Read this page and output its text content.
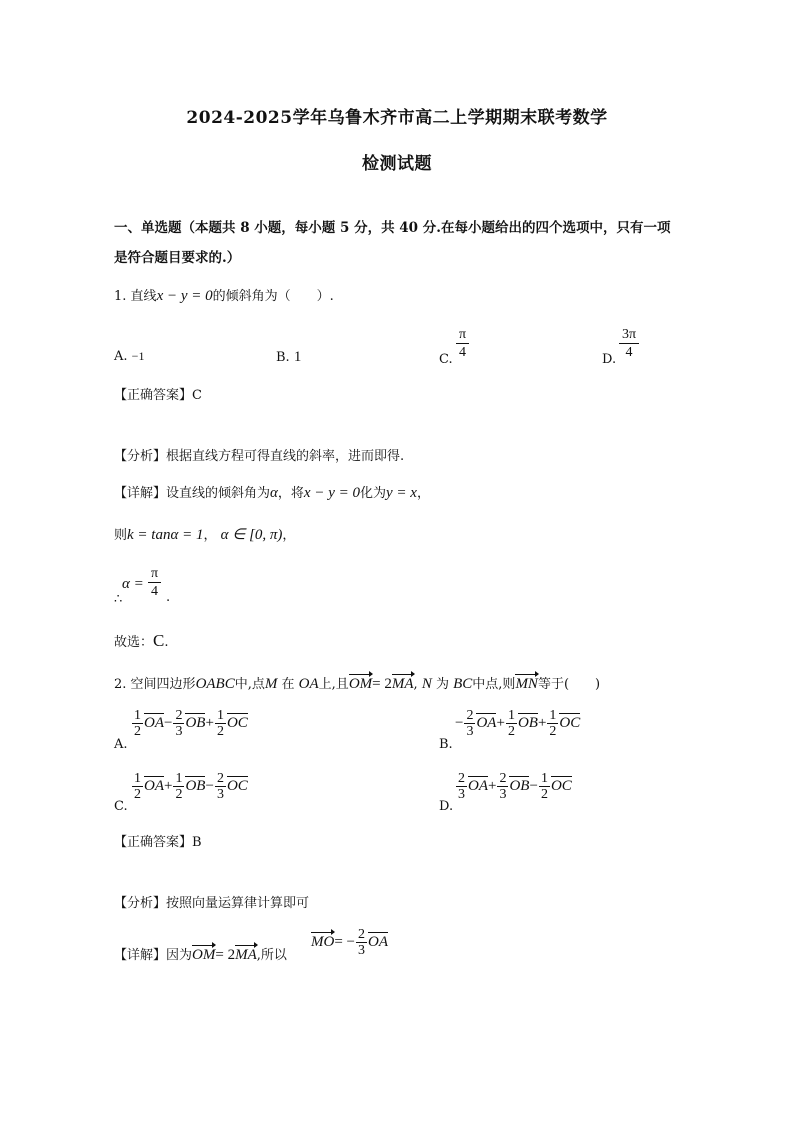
2024-2025学年乌鲁木齐市高二上学期期末联考数学
检测试题
一、单选题（本题共 8 小题，每小题 5 分，共 40 分.在每小题给出的四个选项中，只有一项
是符合题目要求的.）
1. 直线x − y = 0的倾斜角为（　　）.
A. −1	B. 1	C. $\frac{\pi}{4}$	D. $\frac{3\pi}{4}$
【正确答案】C
【分析】根据直线方程可得直线的斜率，进而即得.
【详解】设直线的倾斜角为α，将x − y = 0化为y = x，
则k = tanα = 1， α ∈ [0, π)，
$\alpha = \frac{\pi}{4}$ .
∴
故选：C.
2. 空间四边形OABC中,点M 在 OA上,且OM= 2MA, N 为 BC中点,则MN等于(　　)
A.
$\frac{1}{2} OA- \frac{2}{3} OB+ \frac{1}{2}$ OC
B.
− $\frac{2}{3} OA+ \frac{1}{2} OB+ \frac{1}{2}$ OC
C.
$\frac{1}{2} OA+ \frac{1}{2} OB- \frac{2}{3}$ OC
D.
$\frac{2}{3} OA+ \frac{2}{3} OB- \frac{1}{2}$ OC
【正确答案】B
【分析】按照向量运算律计算即可
【详解】因为OM= 2MA,所以
$MO= - \frac{2}{3}$ OA
